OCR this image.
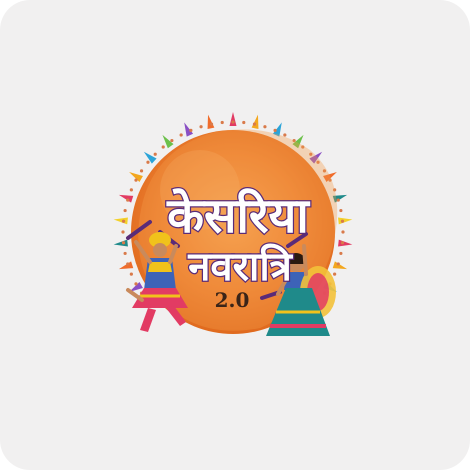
केसरिया
नवरात्रि
2.0
